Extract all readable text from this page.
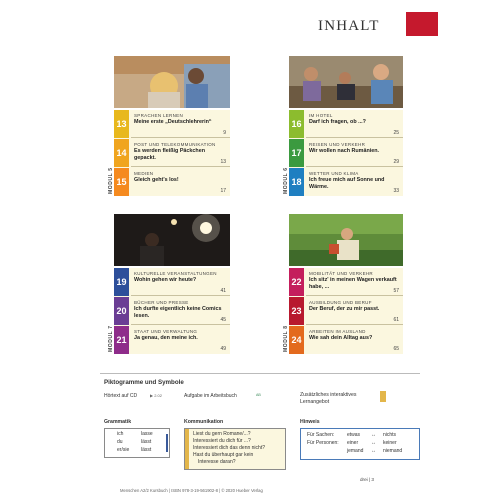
INHALT
13
SPRACHEN LERNEN
Meine erste „Deutschlehrerin“
9
14
POST UND TELEKOMMUNIKATION
Es werden fleißig Päckchen gepackt.
13
15
MEDIEN
Gleich geht's los!
17
MODUL 5
16
IM HOTEL
Darf ich fragen, ob ...?
25
17
REISEN UND VERKEHR
Wir wollen nach Rumänien.
29
18
WETTER UND KLIMA
Ich freue mich auf Sonne und Wärme.
33
MODUL 6
19
KULTURELLE VERANSTALTUNGEN
Wohin gehen wir heute?
41
20
BÜCHER UND PRESSE
Ich durfte eigentlich keine Comics lesen.
45
21
STAAT UND VERWALTUNG
Ja genau, den meine ich.
49
MODUL 7
22
MOBILITÄT UND VERKEHR
Ich sitz' in meinen Wagen verkauft habe, ...
57
23
AUSBILDUNG UND BERUF
Der Beruf, der zu mir passt.
61
24
ARBEITEN IM AUSLAND
Wie sah dein Alltag aus?
65
MODUL 8
Piktogramme und Symbole
Hörtext auf CD	▶ 2.02	Aufgabe im Arbeitsbuch	AB	Zusätzliches interaktives Lernangebot
Grammatik
ich	lasse
du	lässt
er/sie lässt
Kommunikation
Liest du gern Romane/...?
Interessiert du dich für ...?
Interessiert dich das denn nicht?
Hast du überhaupt gar kein
Interesse daran?
Hinweis
Für Sachen:	etwas ↔ nichts
Für Personen: einer	↔ keiner
jemand ↔ niemand
drei | 3
Menschen A2/2 Kursbuch | ISBN 978-3-19-561902-8 | © 2020 Hueber Verlag
